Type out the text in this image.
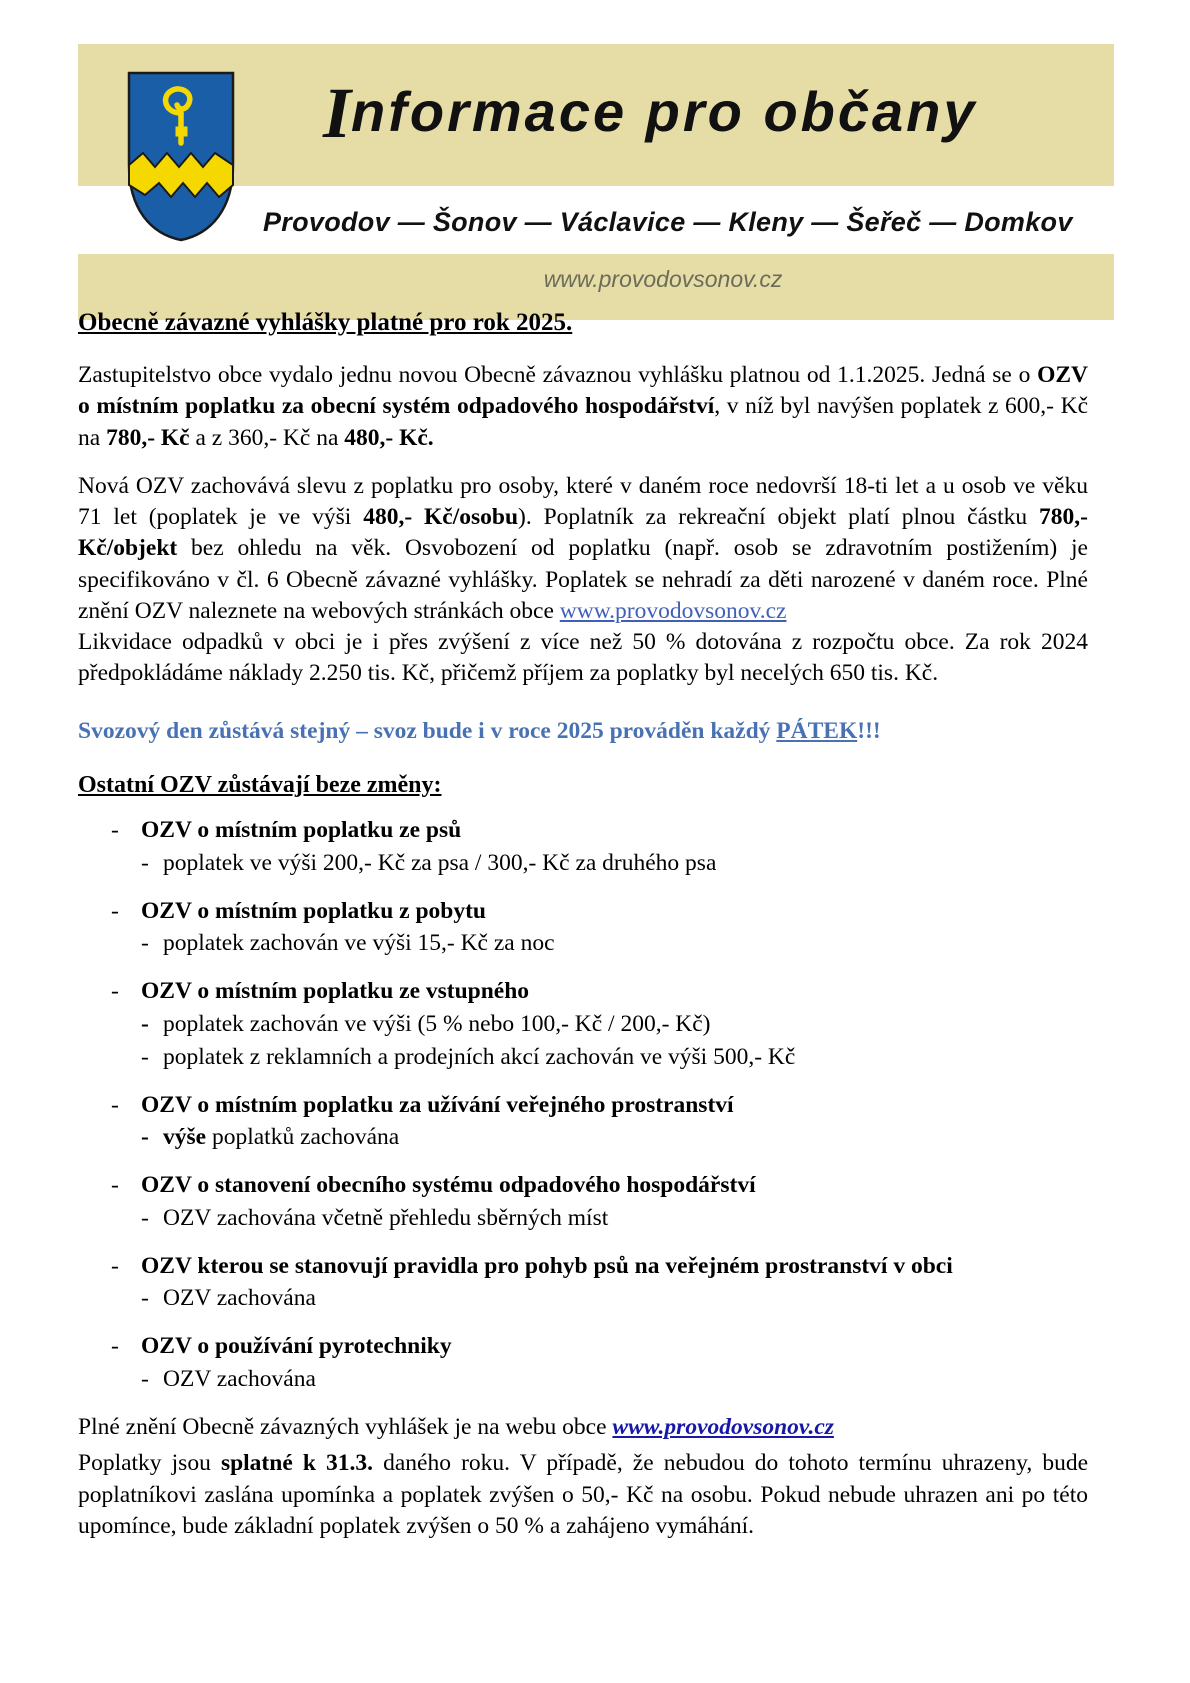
Informace pro občany
Provodov — Šonov — Václavice — Kleny — Šeřeč — Domkov
www.provodovsonov.cz
Obecně závazné vyhlášky platné pro rok 2025.

Zastupitelstvo obce vydalo jednu novou Obecně závaznou vyhlášku platnou od 1.1.2025. Jedná se o OZV o místním poplatku za obecní systém odpadového hospodářství, v níž byl navýšen poplatek z 600,- Kč na 780,- Kč a z 360,- Kč na 480,- Kč.

Nová OZV zachovává slevu z poplatku pro osoby, které v daném roce nedovrší 18-ti let a u osob ve věku 71 let (poplatek je ve výši 480,- Kč/osobu). Poplatník za rekreační objekt platí plnou částku 780,- Kč/objekt bez ohledu na věk. Osvobození od poplatku (např. osob se zdravotním postižením) je specifikováno v čl. 6 Obecně závazné vyhlášky. Poplatek se nehradí za děti narozené v daném roce. Plné znění OZV naleznete na webových stránkách obce www.provodovsonov.cz

Likvidace odpadků v obci je i přes zvýšení z více než 50 % dotována z rozpočtu obce. Za rok 2024 předpokládáme náklady 2.250 tis. Kč, přičemž příjem za poplatky byl necelých 650 tis. Kč.

Svozový den zůstává stejný – svoz bude i v roce 2025 prováděn každý PÁTEK!!!

Ostatní OZV zůstávají beze změny:
- OZV o místním poplatku ze psů
- poplatek ve výši 200,- Kč za psa / 300,- Kč za druhého psa
- OZV o místním poplatku z pobytu
- poplatek zachován ve výši 15,- Kč za noc
- OZV o místním poplatku ze vstupného
- poplatek zachován ve výši (5 % nebo 100,- Kč / 200,- Kč)
- poplatek z reklamních a prodejních akcí zachován ve výši 500,- Kč
- OZV o místním poplatku za užívání veřejného prostranství
- výše poplatků zachována
- OZV o stanovení obecního systému odpadového hospodářství
- OZV zachována včetně přehledu sběrných míst
- OZV kterou se stanovují pravidla pro pohyb psů na veřejném prostranství v obci
- OZV zachována
- OZV o používání pyrotechniky
- OZV zachována

Plné znění Obecně závazných vyhlášek je na webu obce www.provodovsonov.cz

Poplatky jsou splatné k 31.3. daného roku. V případě, že nebudou do tohoto termínu uhrazeny, bude poplatníkovi zaslána upomínka a poplatek zvýšen o 50,- Kč na osobu. Pokud nebude uhrazen ani po této upomínce, bude základní poplatek zvýšen o 50 % a zahájeno vymáhání.
